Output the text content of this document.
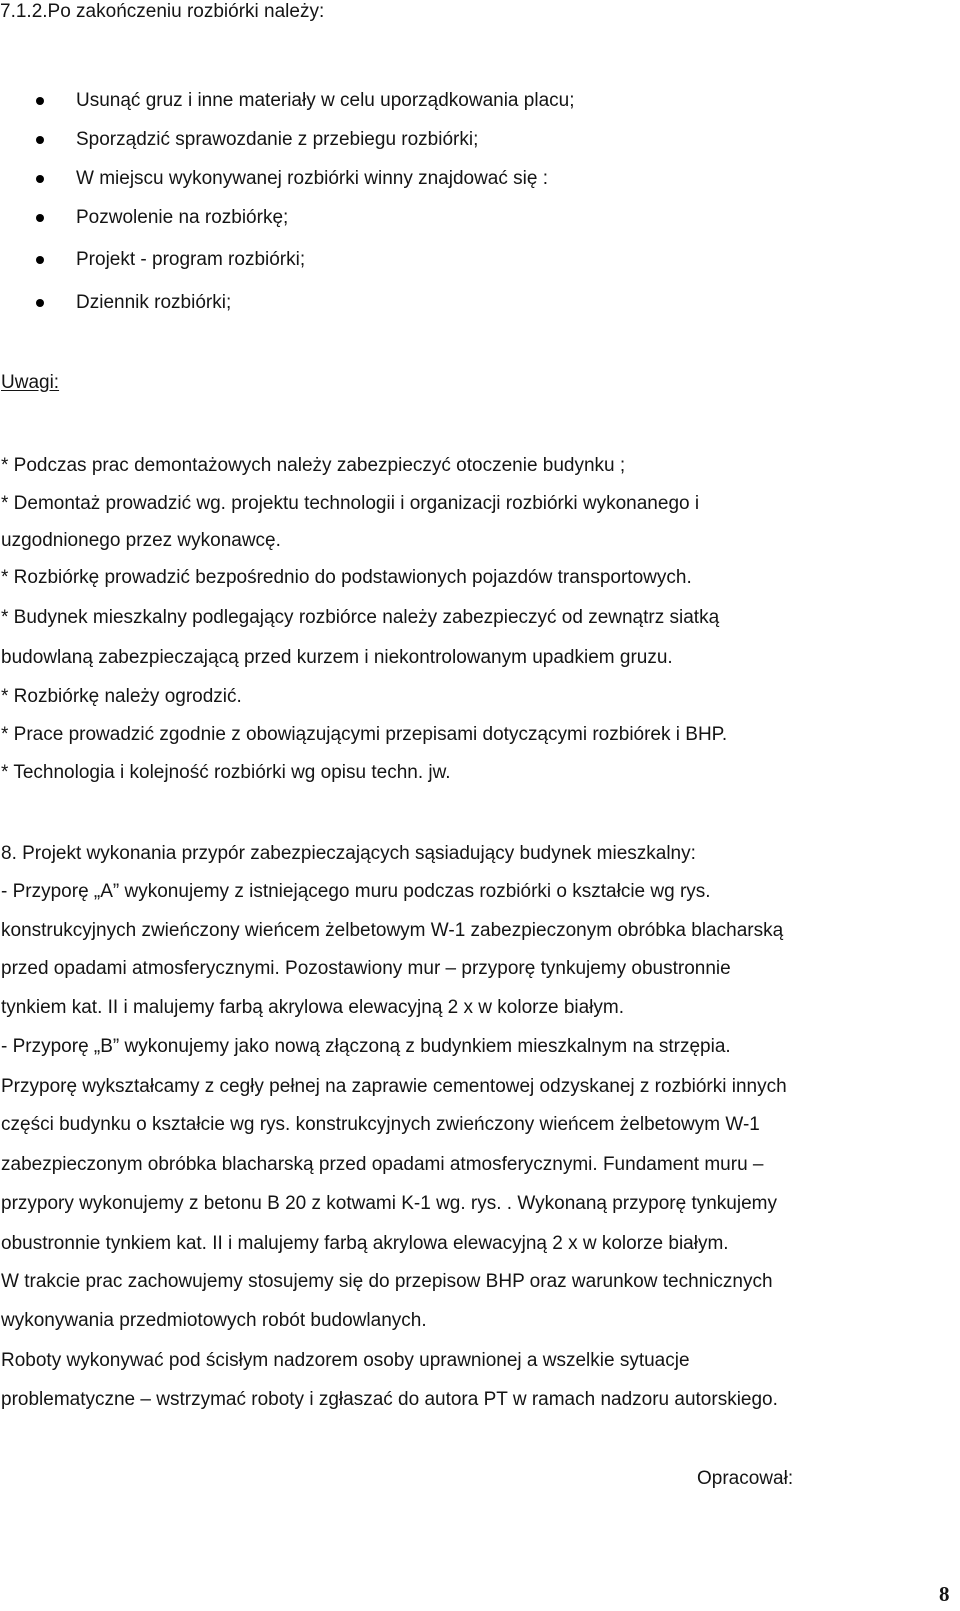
7.1.2.Po zakończeniu rozbiórki należy:
Usunąć gruz i inne materiały w celu uporządkowania placu;
Sporządzić sprawozdanie z przebiegu rozbiórki;
W miejscu wykonywanej rozbiórki winny znajdować się :
Pozwolenie na rozbiórkę;
Projekt - program rozbiórki;
Dziennik rozbiórki;
Uwagi:
* Podczas prac demontażowych należy zabezpieczyć otoczenie budynku ;
* Demontaż prowadzić wg. projektu technologii i organizacji rozbiórki wykonanego i
uzgodnionego przez wykonawcę.
* Rozbiórkę prowadzić bezpośrednio do podstawionych pojazdów transportowych.
* Budynek mieszkalny podlegający rozbiórce należy zabezpieczyć od zewnątrz siatką
budowlaną zabezpieczającą przed kurzem i niekontrolowanym upadkiem gruzu.
* Rozbiórkę należy ogrodzić.
* Prace prowadzić zgodnie z obowiązującymi przepisami dotyczącymi rozbiórek i BHP.
* Technologia i kolejność rozbiórki wg opisu techn. jw.
8. Projekt wykonania przypór zabezpieczających sąsiadujący budynek mieszkalny:
- Przyporę „A” wykonujemy z istniejącego muru podczas rozbiórki o kształcie wg rys.
konstrukcyjnych zwieńczony wieńcem żelbetowym W-1 zabezpieczonym obróbka blacharską
przed opadami atmosferycznymi. Pozostawiony mur – przyporę tynkujemy obustronnie
tynkiem kat. II i malujemy farbą akrylowa elewacyjną 2 x w kolorze białym.
- Przyporę „B” wykonujemy jako nową złączoną z budynkiem mieszkalnym na strzępia.
Przyporę wykształcamy z cegły pełnej na zaprawie cementowej odzyskanej z rozbiórki innych
części budynku o kształcie wg rys. konstrukcyjnych zwieńczony wieńcem żelbetowym W-1
zabezpieczonym obróbka blacharską przed opadami atmosferycznymi. Fundament muru –
przypory wykonujemy z betonu B 20 z kotwami K-1 wg. rys. . Wykonaną przyporę tynkujemy
obustronnie tynkiem kat. II i malujemy farbą akrylowa elewacyjną 2 x w kolorze białym.
W trakcie prac zachowujemy stosujemy się do przepisow BHP oraz warunkow technicznych
wykonywania przedmiotowych robót budowlanych.
Roboty wykonywać pod ścisłym nadzorem osoby uprawnionej a wszelkie sytuacje
problematyczne – wstrzymać roboty i zgłaszać do autora PT w ramach nadzoru autorskiego.
Opracował:
8
